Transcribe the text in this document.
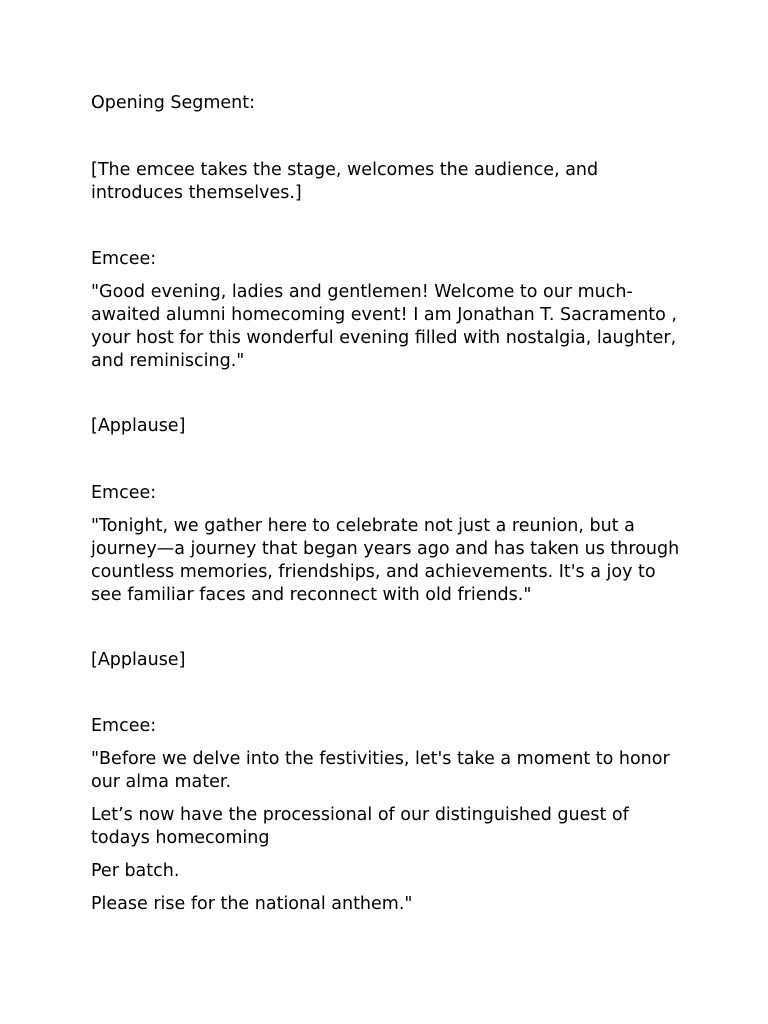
Opening Segment:

[The emcee takes the stage, welcomes the audience, and introduces themselves.]

Emcee:

"Good evening, ladies and gentlemen! Welcome to our much-awaited alumni homecoming event! I am Jonathan T. Sacramento , your host for this wonderful evening filled with nostalgia, laughter, and reminiscing."

[Applause]

Emcee:

"Tonight, we gather here to celebrate not just a reunion, but a journey—a journey that began years ago and has taken us through countless memories, friendships, and achievements. It's a joy to see familiar faces and reconnect with old friends."

[Applause]

Emcee:

"Before we delve into the festivities, let's take a moment to honor our alma mater.

Let’s now have the processional of our distinguished guest of todays homecoming

Per batch.

Please rise for the national anthem."
